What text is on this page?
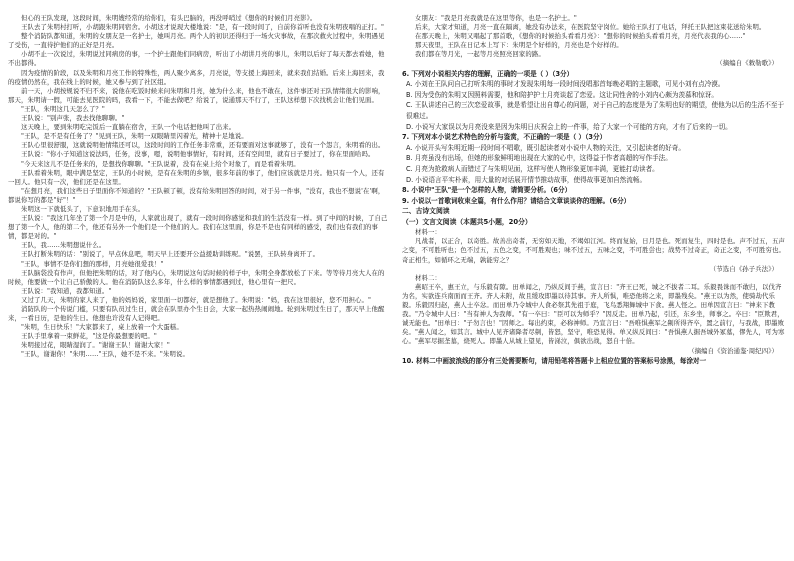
但心的王队发现，这段时间，朱明嫂经常的给你们，有头巴脑的，再没呼哨过《想你的时候们月亮影》。

王队去了朱明村打听，小胡跟朱明同宿舍。小胡这才说现大楼地说："是，有一段时间了，自前你首听也没有朱明夜唱的正打。"

整个消防队都知道，朱明的女朋友是一名护士，她叫月亮。两个人的初识还得归于一场火灾事故，在那次救火过程中，朱明遇见了受伤，一直待护他们的正好是月亮。

小胡不止一次说过，朱明说过同病房的事，一个护士跟他们同病房，听出了小胡讲月亮的事儿，朱明以后好了每天都去看她，他不出都得。

因为疫情的阶段，以及朱明和月亮工作的特殊性，两人聚少离多，月亮说，等支援上海回来，就来我们结婚。后来上海回来，我的疫情仍然在，我在线上的时候，她又参与到了社区组。

前一天，小胡按规说不归不来，说他在吃饭时候来问朱明和月亮，她为什么来，他也不敢在，这件事还对王队情绪很大的影响，那天，朱明请一假，可能去见医院的吗，我看一下，不能去做吧？给说了，说通那天不行了，王队这样想下次找机会让他们见面。

"王队，朱明这几天怎么了？"

王队说："别声张，我去找他聊聊。"

这天晚上，要到朱明吃完饭后一直躺在宿舍，王队一个电话把他叫了出来。

"王队，是不是有任务了？"见到王队，朱明一双眼睛里闪着光，精神十足地说。

王队心里很舒服，这就说明他情绪还可以，这段时间的工作任务非常重，还有要面对这事就够了，没有一个怨言，朱明看的出。

王队说："你小子知道这说法吗，任务，没事，嗯，说明他事情好，有时间，还有空间里，就有日子要过了，你在里面哈吗。

"今天来这儿不是任务来的，是想找你聊聊。"王队说着，没有在桌上给个对象了，而是看着朱明。

王队看着朱明，眼中满是坚定，王队的小时候，是有在朱明的乡镇，很多年前的事了，他们应该就是月亮。他只有一个人，还有一回人。他只有一次，他们还是在这里。

"在想月亮，我们这些日子里面你不知道的？"王队顿了顿，没有给朱明回答的时间，对于另一件事，"没有，我也不想说'在'啊，都说你写的都是"好"！"

朱明这一下就低头了，下意识地用手在头。

王队说："我这几年坐了第一个月是中的，人家就出现了，就有一段时间你感觉和我们的生活没有一样。到了中间的时候，了自己想了第一个人，他的第二个，他还有另外一个他们是一个他们的人。我们在这里面，你是不是也有同样的感受，我们也有我们的事情，都是对的。"

王队，我……朱明想说什么。

王队打断朱明的话："别说了，早点休息吧，明天早上还要开公益援助训练呢。"说罢，王队转身离开了。

"王队，事情不是你们想的那样，月亮她很爱我！"

王队脑袋没有作声，但他把朱明的话，对了他内心，朱明说这句话时候的样子中，朱明全身都放松了下来。等等待月亮大人在的时候，他要做一个让自己骄傲的人。他在消防队这么多年，什么样的事情都遇到过，他心里有一把尺。

王队说："我知道，我都知道。"

又过了几天，朱明的家人来了，他的妈妈说，家里面一切都好，就是想他了。朱明说："妈，我在这里很好，您不用担心。"

消防队的一个传说门槛，只要有队员过生日，就会在队里办个生日会，大家一起热热闹闹地。轮到朱明过生日了，那天早上他醒来，一看日历，是他的生日。他想也许没有人记得吧。

"朱明，生日快乐！"大家都来了，桌上放着一个大蛋糕。

王队手里拿着一束鲜花，"这是你最想要的吧。"

朱明接过花，眼睛湿润了。"谢谢王队！谢谢大家！"

"王队，谢谢你！"朱明……"王队，她不是不来。"朱明说。

女朋友："我是月亮我就是在这里等你，也是一名护士。"

后来，大家才知道，月亮一直在隔离，她没有办法来，在医院坚守岗位。她给王队打了电话，拜托王队把这束花送给朱明。

在那天晚上，朱明又唱起了那首歌，《想你的时候抬头看看月亮》："想你的时候抬头看看月亮，月亮代表我的心……"

那天夜里，王队在日记本上写下：朱明是个好样的，月亮也是个好样的。

我们都在等月光，一起等月亮照亮回家的路。

（摘编自《敕勒歌》）

6. 下列对小说相关内容的理解，正确的一项是（ ）（3分）

A. 小刘在王队问自己打听朱明的事时才发现朱明每一段时间没唱那首每晚必唱的主题歌，可见小刘有点冷漠。

B. 因为受伤的朱明又因照料需要，他和陪护护士月亮谈起了恋爱。这让同性舍的小刘内心颇为羡慕和惊讶。

C. 王队讲述自己的三次恋爱故事，就是希望让出自尊心的问题，对于自己的态度是为了朱明也好的期望，使他为以后的生活不至于很难过。

D. 小说写大家误以为月亮没来是因为朱明日庆祝会上的一件事，给了大家一个可能的方向，才有了后来的一切。

7. 下列对本小说艺术特色的分析与鉴赏，不正确的一项是（ ）（3分）

A. 小说开头写朱明近期一段时间不唱歌，既引起读者对小说中人物的关注，又引起读者的好奇。

B. 月亮虽没有出场，但她的形象鲜明地出现在大家的心中，这得益于作者高超的写作手法。

C. 月亮为抢救病人而错过了与朱明见面，这样写使人物形象更加丰满，更能打动读者。

D. 小说语言平实朴素，用大量的对话展开情节推动故事，使得故事更加自然流畅。

8. 小说中"王队"是一个怎样的人物，请简要分析。（6分）

9. 小说以一首歌词收束全篇，有什么作用？请结合文章谈谈你的理解。（6分）

二、古诗文阅读

（一）文言文阅读（本题共5小题，20分）

材料一：

凡战者，以正合，以奇胜。故善出奇者，无穷如天地，不竭如江河。终而复始，日月是也。死而复生，四时是也。声不过五，五声之变，不可胜听也；色不过五，五色之变，不可胜观也；味不过五，五味之变，不可胜尝也；战势不过奇正，奇正之变，不可胜穷也。奇正相生，如循环之无端，孰能穷之？

（节选自《孙子兵法》）

材料二：

燕昭王卒，惠王立，与乐毅有隙。田单闻之，乃纵反间于燕，宣言曰："齐王已死，城之不拔者二耳。乐毅畏诛而不敢归，以伐齐为名，实欲连兵南面而王齐。齐人未附，故且缓攻即墨以待其事。齐人所惧，唯恐他将之来，即墨残矣。"燕王以为然，使骑劫代乐毅。乐毅因归赵，燕人士卒忿。而田单乃令城中人食必祭其先祖于庭，飞鸟悉翔舞城中下食。燕人怪之。田单因宣言曰："神来下教我。"乃令城中人曰："当有神人为我师。"有一卒曰："臣可以为师乎？"因反走。田单乃起，引还，东乡坐，师事之。卒曰："臣欺君，诚无能也。"田单曰："子勿言也！"因师之。每出约束，必称神师。乃宣言曰："吾唯惧燕军之劓所得齐卒，置之前行，与我战，即墨败矣。"燕人闻之，如其言。城中人见齐诸降者尽劓，皆怒，坚守，唯恐见得。单又纵反间曰："吾惧燕人掘吾城外冢墓，僇先人，可为寒心。"燕军尽掘垄墓，烧死人。即墨人从城上望见，皆涕泣，俱欲出战，怒自十倍。

（摘编自《资治通鉴·周纪四》）

10. 材料二中画波浪线的部分有三处需要断句，请用铅笔将答题卡上相应位置的答案标号涂黑，每涂对一
